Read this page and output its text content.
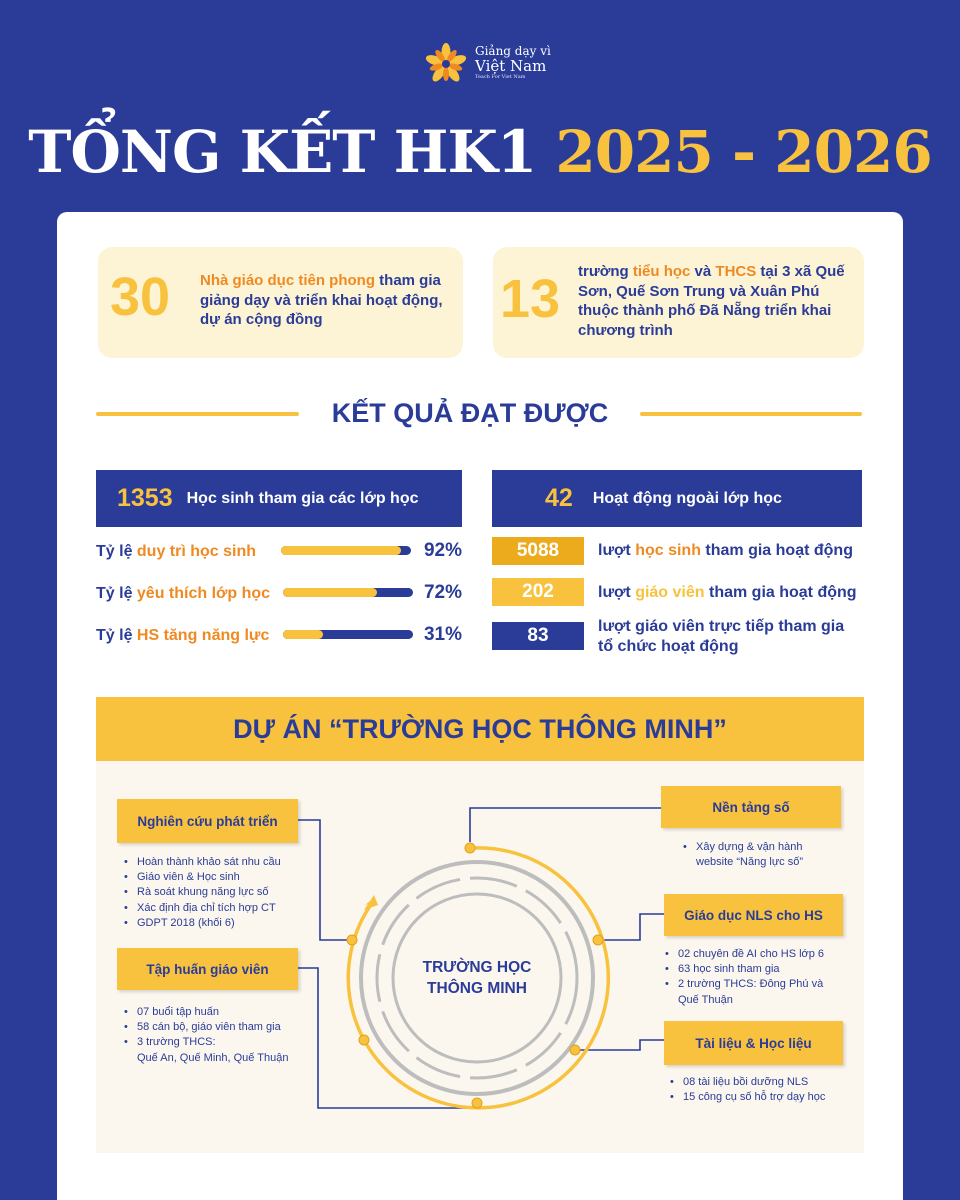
Giảng dạy vì
Việt Nam
Teach For Viet Nam
TỔNG KẾT HK1 2025 - 2026
30 Nhà giáo dục tiên phong tham gia giảng dạy và triển khai hoạt động, dự án cộng đồng	13 trường tiểu học và THCS tại 3 xã Quế Sơn, Quế Sơn Trung và Xuân Phú thuộc thành phố Đã Nẵng triển khai chương trình
KẾT QUẢ ĐẠT ĐƯỢC
1353 Học sinh tham gia các lớp học
Tỷ lệ duy trì học sinh	92%
Tỷ lệ yêu thích lớp học	72%
Tỷ lệ HS tăng năng lực	31%
42 Hoạt động ngoài lớp học
5088	lượt học sinh tham gia hoạt động
202	lượt giáo viên tham gia hoạt động
83	lượt giáo viên trực tiếp tham gia tổ chức hoạt động
DỰ ÁN “TRƯỜNG HỌC THÔNG MINH”
TRƯỜNG HỌC
THÔNG MINH
Nghiên cứu phát triển
• Hoàn thành khảo sát nhu cầu
• Giáo viên & Học sinh
• Rà soát khung năng lực số
• Xác định địa chỉ tích hợp CT
• GDPT 2018 (khối 6)
Tập huấn giáo viên
• 07 buổi tập huấn
• 58 cán bộ, giáo viên tham gia
• 3 trường THCS:
Quế An, Quế Minh, Quế Thuận
Nền tảng số
• Xây dựng & vận hành
website “Năng lực số”
Giáo dục NLS cho HS
• 02 chuyên đề AI cho HS lớp 6
• 63 học sinh tham gia
• 2 trường THCS: Đông Phú và
Quế Thuận
Tài liệu & Học liệu
• 08 tài liệu bồi dưỡng NLS
• 15 công cụ số hỗ trợ dạy học
